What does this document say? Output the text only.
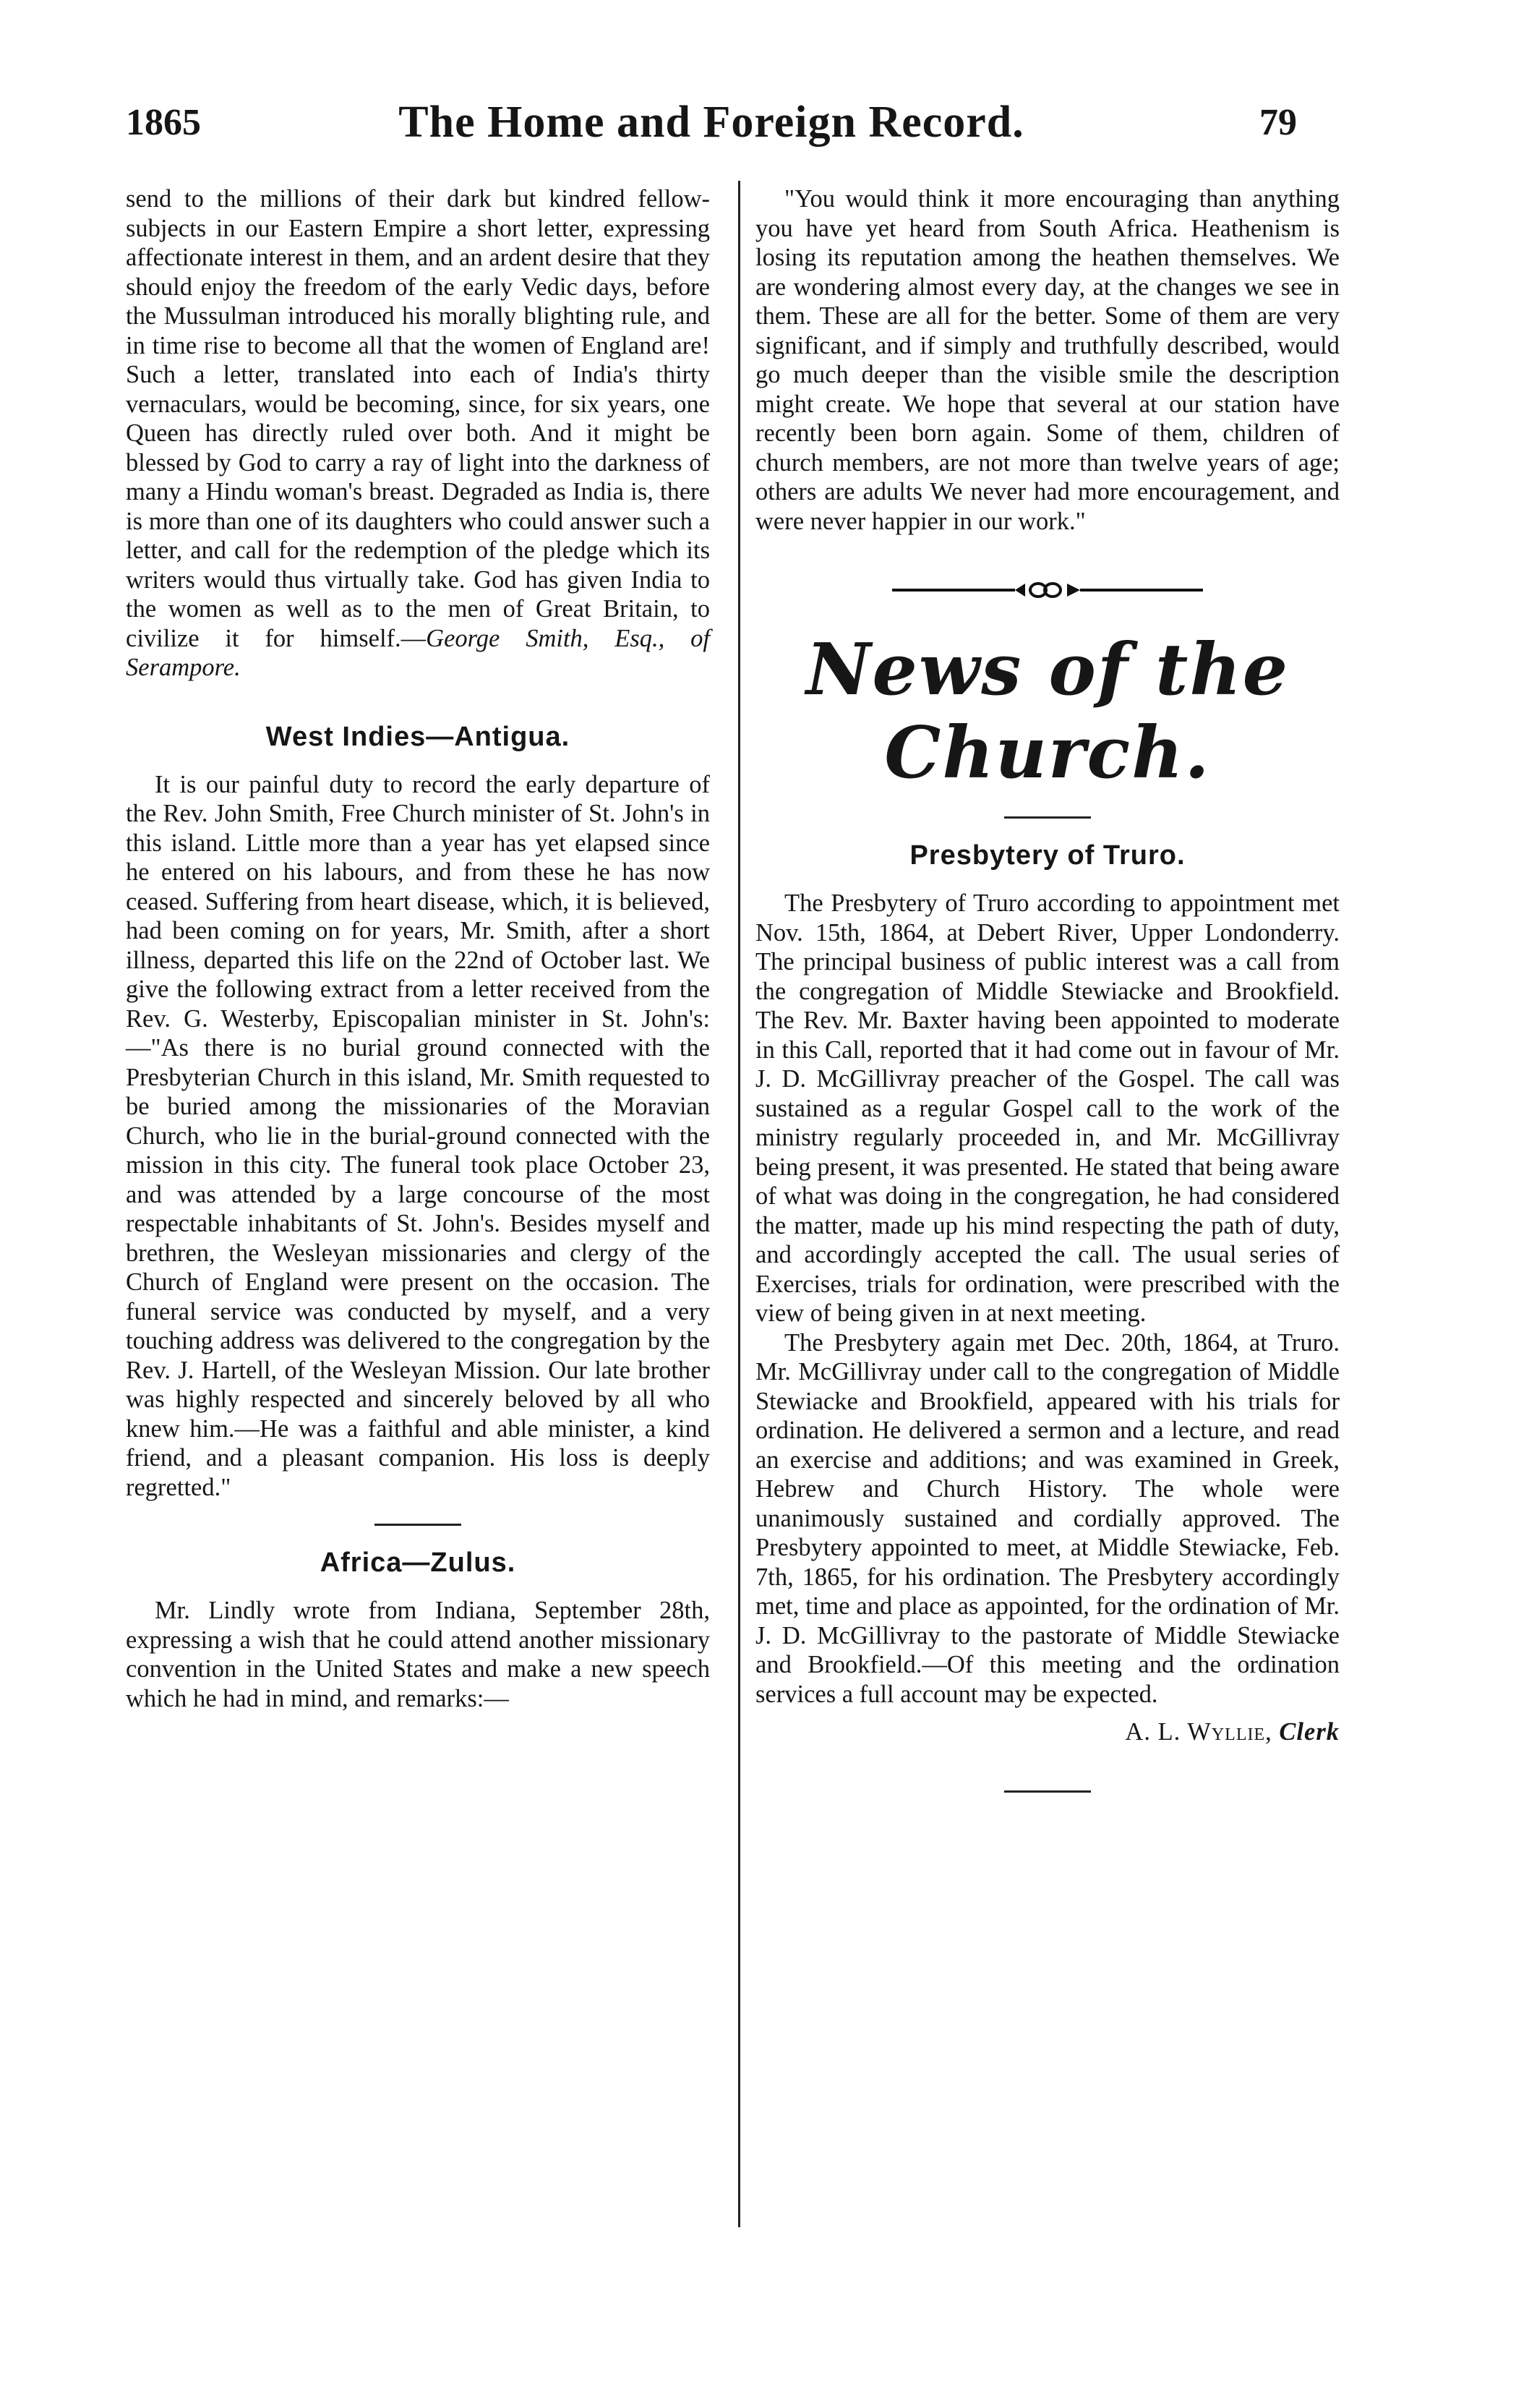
1865	The Home and Foreign Record.	79

send to the millions of their dark but kindred fellow-subjects in our Eastern Empire a short letter, expressing affectionate interest in them, and an ardent desire that they should enjoy the freedom of the early Vedic days, before the Mussulman introduced his morally blighting rule, and in time rise to become all that the women of England are! Such a letter, translated into each of India's thirty vernaculars, would be becoming, since, for six years, one Queen has directly ruled over both. And it might be blessed by God to carry a ray of light into the darkness of many a Hindu woman's breast. Degraded as India is, there is more than one of its daughters who could answer such a letter, and call for the redemption of the pledge which its writers would thus virtually take. God has given India to the women as well as to the men of Great Britain, to civilize it for himself.—George Smith, Esq., of Serampore.

West Indies—Antigua.

It is our painful duty to record the early departure of the Rev. John Smith, Free Church minister of St. John's in this island. Little more than a year has yet elapsed since he entered on his labours, and from these he has now ceased. Suffering from heart disease, which, it is believed, had been coming on for years, Mr. Smith, after a short illness, departed this life on the 22nd of October last. We give the following extract from a letter received from the Rev. G. Westerby, Episcopalian minister in St. John's:—"As there is no burial ground connected with the Presbyterian Church in this island, Mr. Smith requested to be buried among the missionaries of the Moravian Church, who lie in the burial-ground connected with the mission in this city. The funeral took place October 23, and was attended by a large concourse of the most respectable inhabitants of St. John's. Besides myself and brethren, the Wesleyan missionaries and clergy of the Church of England were present on the occasion. The funeral service was conducted by myself, and a very touching address was delivered to the congregation by the Rev. J. Hartell, of the Wesleyan Mission. Our late brother was highly respected and sincerely beloved by all who knew him.—He was a faithful and able minister, a kind friend, and a pleasant companion. His loss is deeply regretted."

Africa—Zulus.

Mr. Lindly wrote from Indiana, September 28th, expressing a wish that he could attend another missionary convention in the United States and make a new speech which he had in mind, and remarks:—

"You would think it more encouraging than anything you have yet heard from South Africa. Heathenism is losing its reputation among the heathen themselves. We are wondering almost every day, at the changes we see in them. These are all for the better. Some of them are very significant, and if simply and truthfully described, would go much deeper than the visible smile the description might create. We hope that several at our station have recently been born again. Some of them, children of church members, are not more than twelve years of age; others are adults We never had more encouragement, and were never happier in our work."

News of the Church.
Presbytery of Truro.

The Presbytery of Truro according to appointment met Nov. 15th, 1864, at Debert River, Upper Londonderry. The principal business of public interest was a call from the congregation of Middle Stewiacke and Brookfield. The Rev. Mr. Baxter having been appointed to moderate in this Call, reported that it had come out in favour of Mr. J. D. McGillivray preacher of the Gospel. The call was sustained as a regular Gospel call to the work of the ministry regularly proceeded in, and Mr. McGillivray being present, it was presented. He stated that being aware of what was doing in the congregation, he had considered the matter, made up his mind respecting the path of duty, and accordingly accepted the call. The usual series of Exercises, trials for ordination, were prescribed with the view of being given in at next meeting.

The Presbytery again met Dec. 20th, 1864, at Truro. Mr. McGillivray under call to the congregation of Middle Stewiacke and Brookfield, appeared with his trials for ordination. He delivered a sermon and a lecture, and read an exercise and additions; and was examined in Greek, Hebrew and Church History. The whole were unanimously sustained and cordially approved. The Presbytery appointed to meet, at Middle Stewiacke, Feb. 7th, 1865, for his ordination. The Presbytery accordingly met, time and place as appointed, for the ordination of Mr. J. D. McGillivray to the pastorate of Middle Stewiacke and Brookfield.—Of this meeting and the ordination services a full account may be expected.

A. L. Wyllie, Clerk
